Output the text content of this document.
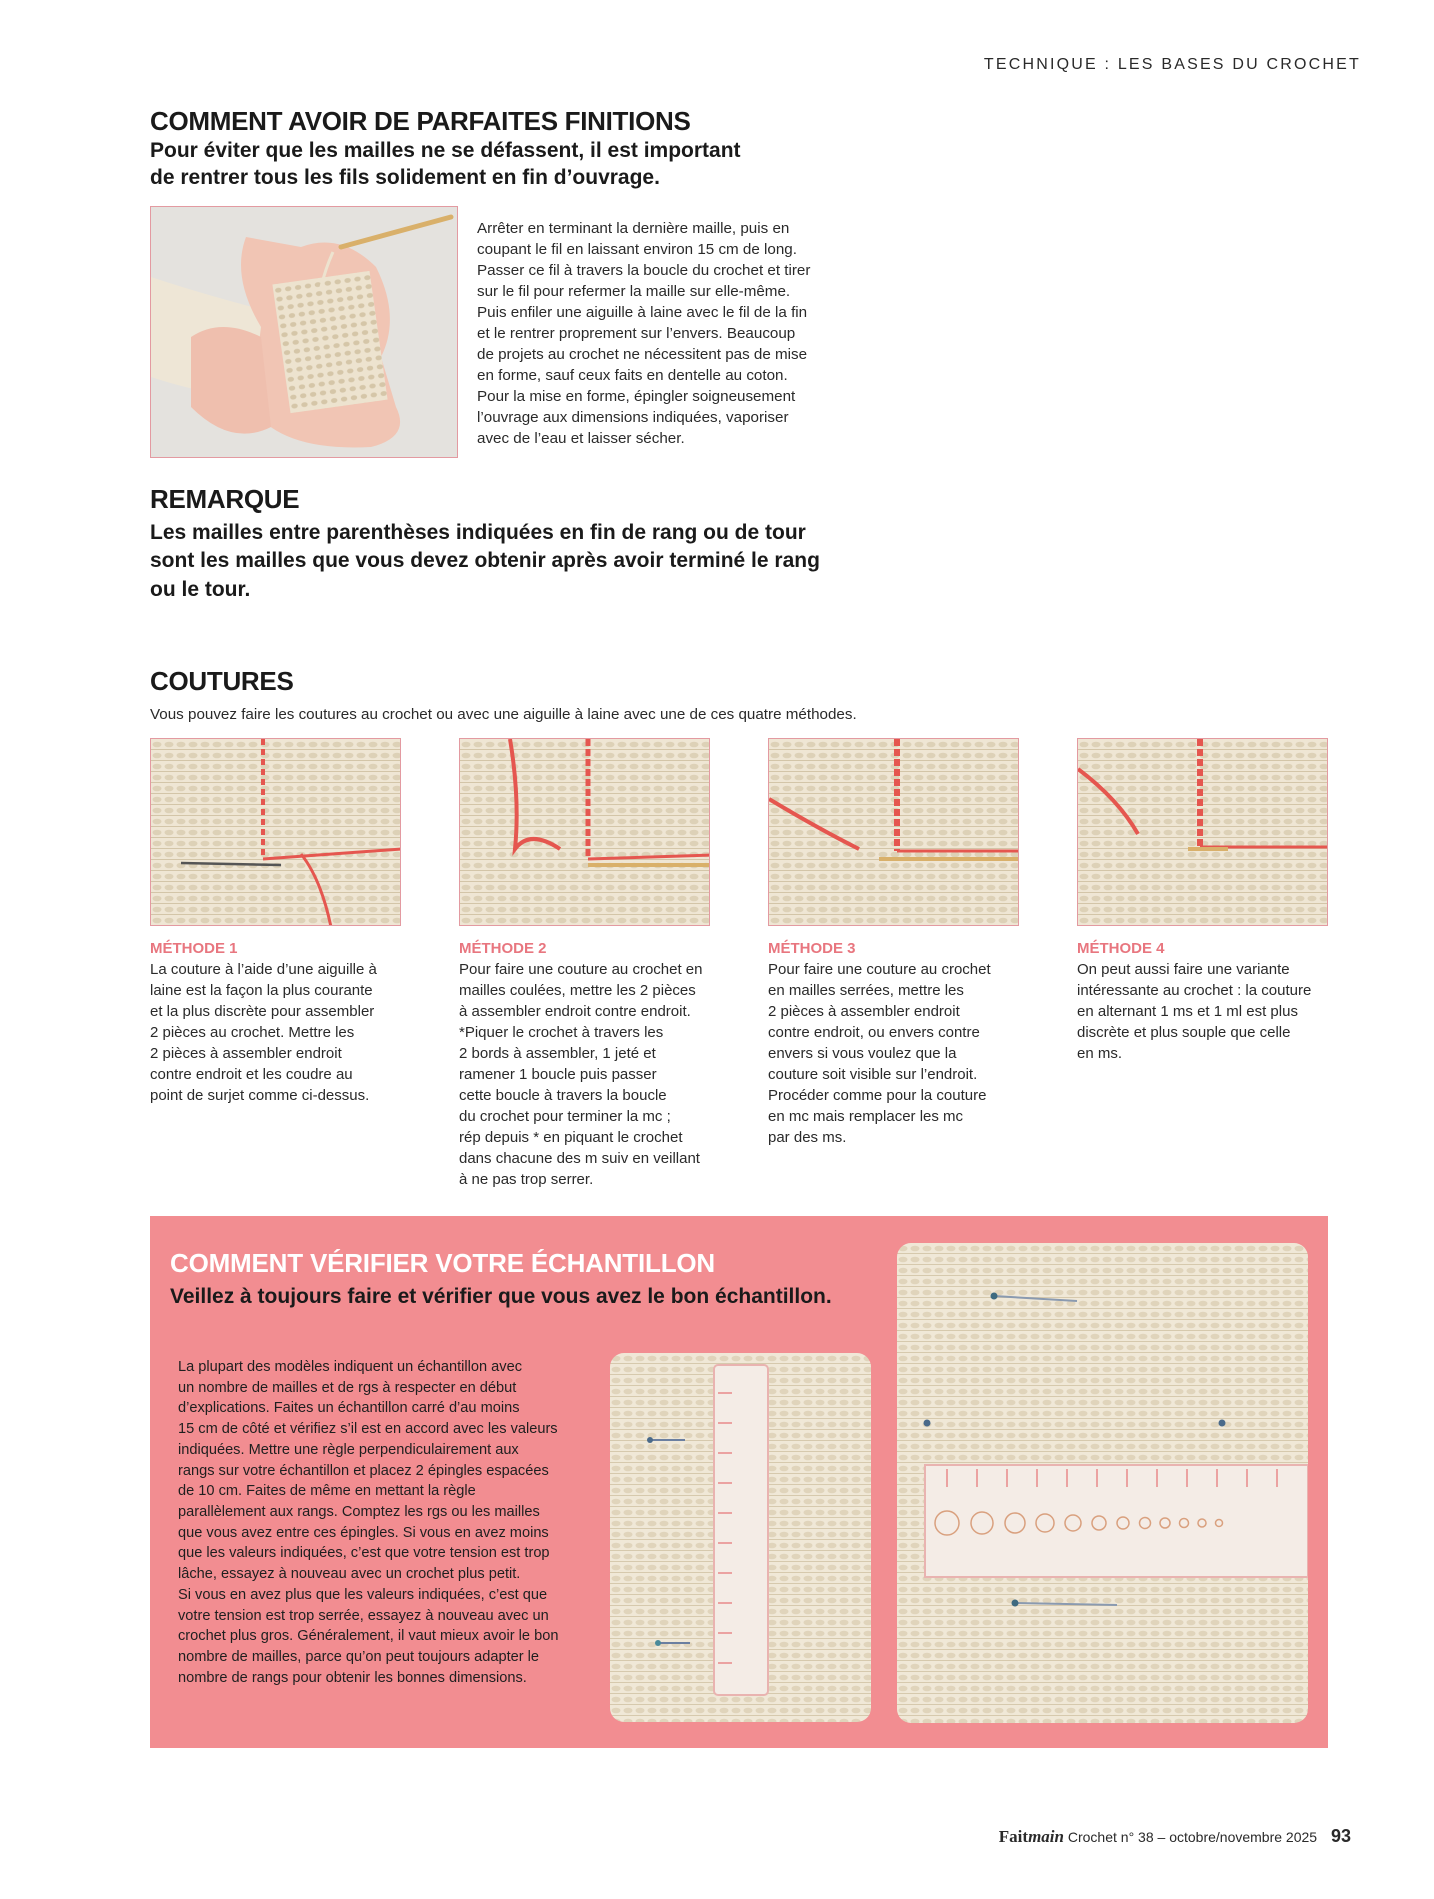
TECHNIQUE : LES BASES DU CROCHET
COMMENT AVOIR DE PARFAITES FINITIONS

Pour éviter que les mailles ne se défassent, il est important
de rentrer tous les fils solidement en fin d’ouvrage.

Arrêter en terminant la dernière maille, puis en
coupant le fil en laissant environ 15 cm de long.
Passer ce fil à travers la boucle du crochet et tirer
sur le fil pour refermer la maille sur elle-même.
Puis enfiler une aiguille à laine avec le fil de la fin
et le rentrer proprement sur l’envers. Beaucoup
de projets au crochet ne nécessitent pas de mise
en forme, sauf ceux faits en dentelle au coton.
Pour la mise en forme, épingler soigneusement
l’ouvrage aux dimensions indiquées, vaporiser
avec de l’eau et laisser sécher.

REMARQUE

Les mailles entre parenthèses indiquées en fin de rang ou de tour
sont les mailles que vous devez obtenir après avoir terminé le rang
ou le tour.

COUTURES

Vous pouvez faire les coutures au crochet ou avec une aiguille à laine avec une de ces quatre méthodes.

MÉTHODE 1

La couture à l’aide d’une aiguille à
laine est la façon la plus courante
et la plus discrète pour assembler
2 pièces au crochet. Mettre les
2 pièces à assembler endroit
contre endroit et les coudre au
point de surjet comme ci-dessus.

MÉTHODE 2

Pour faire une couture au crochet en
mailles coulées, mettre les 2 pièces
à assembler endroit contre endroit.
*Piquer le crochet à travers les
2 bords à assembler, 1 jeté et
ramener 1 boucle puis passer
cette boucle à travers la boucle
du crochet pour terminer la mc ;
rép depuis * en piquant le crochet
dans chacune des m suiv en veillant
à ne pas trop serrer.

MÉTHODE 3

Pour faire une couture au crochet
en mailles serrées, mettre les
2 pièces à assembler endroit
contre endroit, ou envers contre
envers si vous voulez que la
couture soit visible sur l’endroit.
Procéder comme pour la couture
en mc mais remplacer les mc
par des ms.

MÉTHODE 4

On peut aussi faire une variante
intéressante au crochet : la couture
en alternant 1 ms et 1 ml est plus
discrète et plus souple que celle
en ms.

COMMENT VÉRIFIER VOTRE ÉCHANTILLON

Veillez à toujours faire et vérifier que vous avez le bon échantillon.

La plupart des modèles indiquent un échantillon avec
un nombre de mailles et de rgs à respecter en début
d’explications. Faites un échantillon carré d’au moins
15 cm de côté et vérifiez s’il est en accord avec les valeurs
indiquées. Mettre une règle perpendiculairement aux
rangs sur votre échantillon et placez 2 épingles espacées
de 10 cm. Faites de même en mettant la règle
parallèlement aux rangs. Comptez les rgs ou les mailles
que vous avez entre ces épingles. Si vous en avez moins
que les valeurs indiquées, c’est que votre tension est trop
lâche, essayez à nouveau avec un crochet plus petit.
Si vous en avez plus que les valeurs indiquées, c’est que
votre tension est trop serrée, essayez à nouveau avec un
crochet plus gros. Généralement, il vaut mieux avoir le bon
nombre de mailles, parce qu’on peut toujours adapter le
nombre de rangs pour obtenir les bonnes dimensions.

Faitmain Crochet n° 38 – octobre/novembre 2025 93
